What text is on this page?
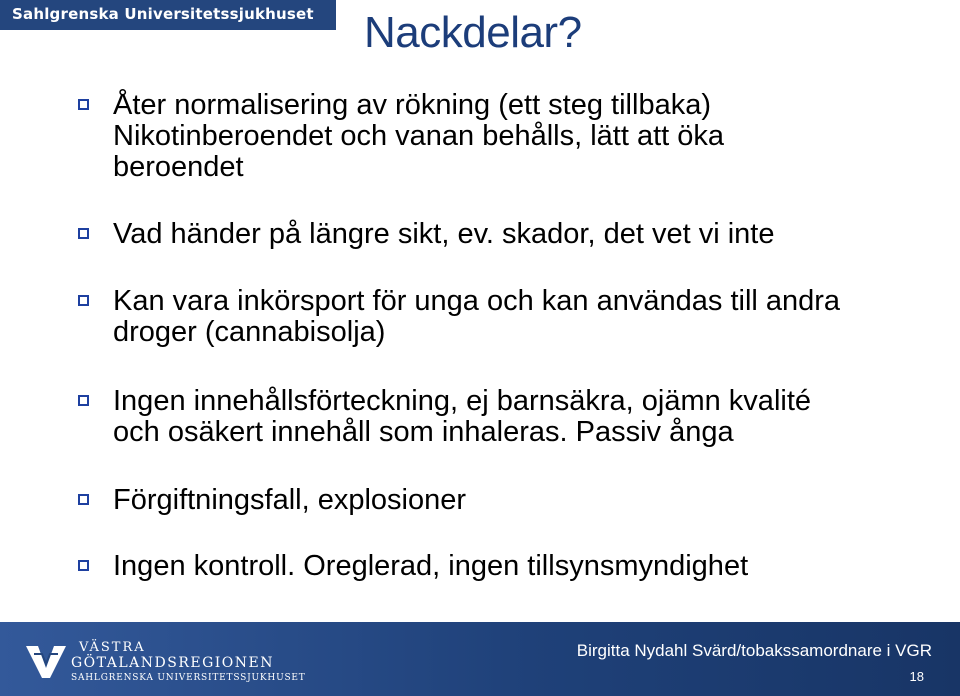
Sahlgrenska Universitetssjukhuset Nackdelar?
Åter normalisering av rökning (ett steg tillbaka)
Nikotinberoendet och vanan behålls, lätt att öka
beroendet
Vad händer på längre sikt, ev. skador, det vet vi inte
Kan vara inkörsport för unga och kan användas till andra
droger (cannabisolja)
Ingen innehållsförteckning, ej barnsäkra, ojämn kvalité
och osäkert innehåll som inhaleras. Passiv ånga
Förgiftningsfall, explosioner
Ingen kontroll. Oreglerad, ingen tillsynsmyndighet
VÄSTRA
GÖTALANDSREGIONEN
SAHLGRENSKA UNIVERSITETSSJUKHUSET
Birgitta Nydahl Svärd/tobakssamordnare i VGR
18
